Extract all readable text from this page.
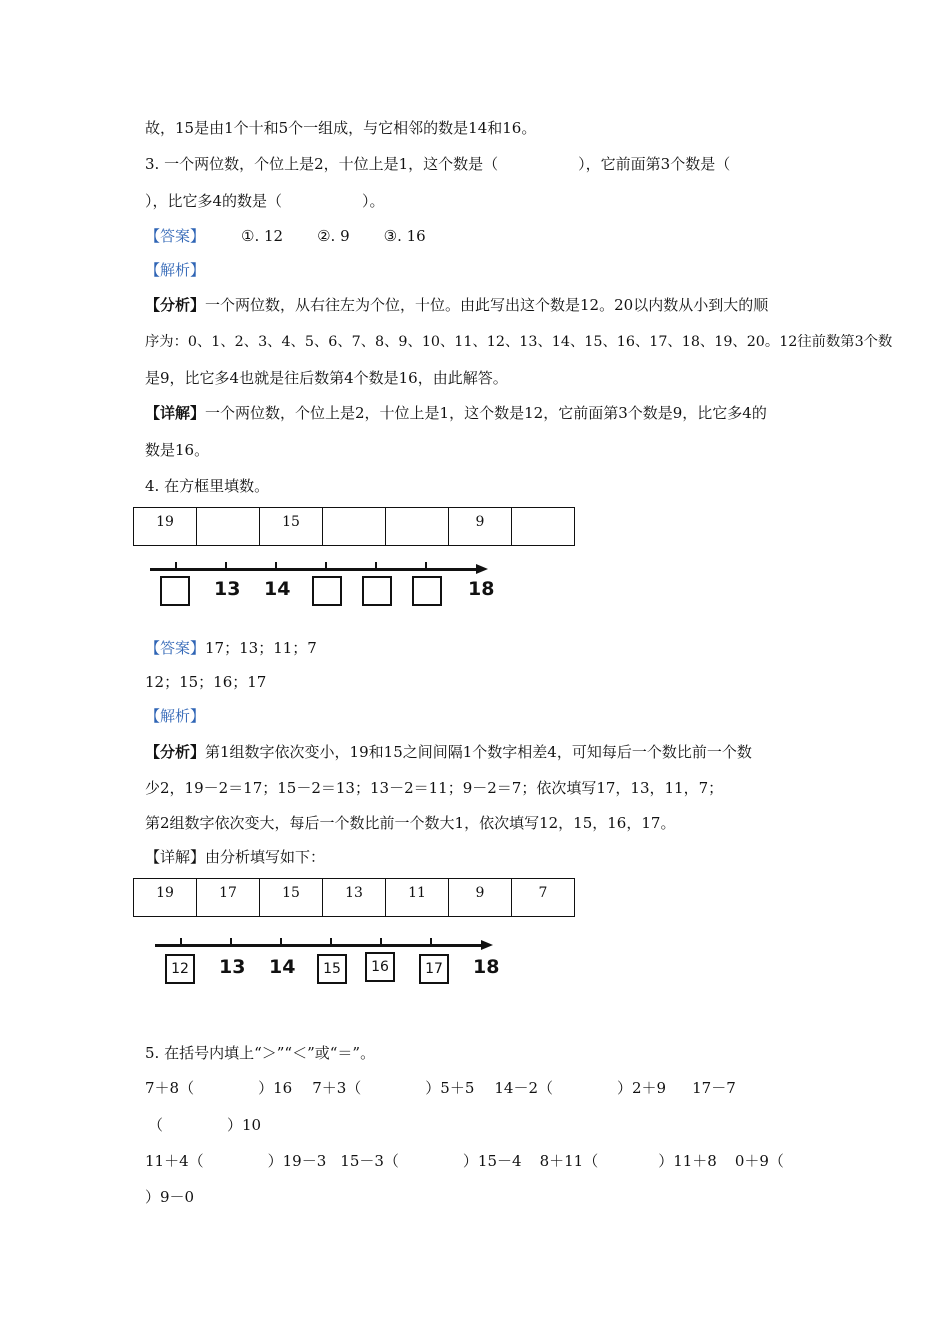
故，15是由1个十和5个一组成，与它相邻的数是14和16。
3. 一个两位数，个位上是2，十位上是1，这个数是（	），它前面第3个数是（
），比它多4的数是（	）。
【答案】 ①. 12 ②. 9 ③. 16
【解析】
【分析】一个两位数，从右往左为个位，十位。由此写出这个数是12。20以内数从小到大的顺
序为：0、1、2、3、4、5、6、7、8、9、10、11、12、13、14、15、16、17、18、19、20。12往前数第3个数
是9，比它多4也就是往后数第4个数是16，由此解答。
【详解】一个两位数，个位上是2，十位上是1，这个数是12，它前面第3个数是9，比它多4的
数是16。
4. 在方框里填数。
19		15			9	
13 14	18
【答案】17；13；11；7
12；15；16；17
【解析】
【分析】第1组数字依次变小，19和15之间间隔1个数字相差4，可知每后一个数比前一个数
少2，19－2＝17；15－2＝13；13－2＝11；9－2＝7；依次填写17，13，11，7；
第2组数字依次变大，每后一个数比前一个数大1，依次填写12，15，16，17。
【详解】由分析填写如下：
19	17	15	13	11	9	7
12	13 14	15	16	17	18
5. 在括号内填上“＞”“＜”或“＝”。
7＋8（	）16 7＋3（	）5＋5 14－2（	）2＋9 17－7
（	）10
11＋4（	）19－3 15－3（	）15－4 8＋11（	）11＋8 0＋9（
）9－0
